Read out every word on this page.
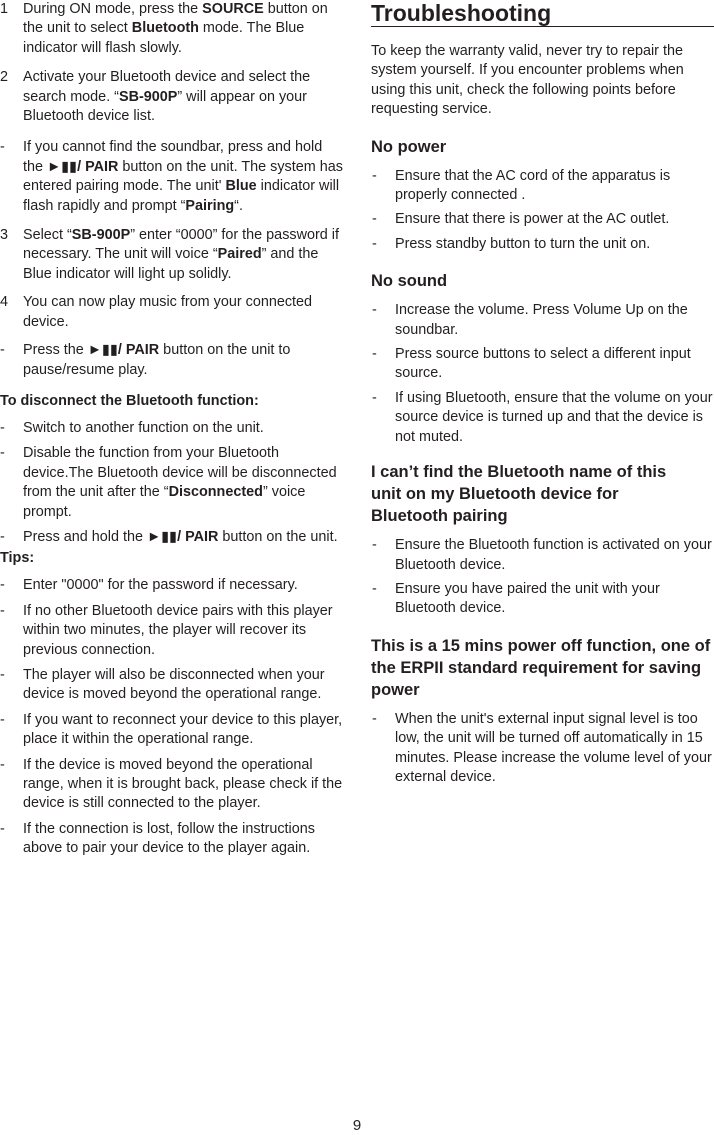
1 During ON mode, press the SOURCE button on the unit to select Bluetooth mode. The Blue indicator will flash slowly.
2 Activate your Bluetooth device and select the search mode. “SB-900P” will appear on your Bluetooth device list.
- If you cannot find the soundbar, press and hold the ►▮▮/ PAIR button on the unit. The system has entered pairing mode. The unit' Blue indicator will flash rapidly and prompt “Pairing“.
3 Select “SB-900P” enter “0000” for the password if necessary. The unit will voice “Paired” and the Blue indicator will light up solidly.
4 You can now play music from your connected device.
- Press the ►▮▮/ PAIR button on the unit to pause/resume play.
To disconnect the Bluetooth function:
- Switch to another function on the unit.
- Disable the function from your Bluetooth device.The Bluetooth device will be disconnected from the unit after the “Disconnected” voice prompt.
- Press and hold the ►▮▮/ PAIR button on the unit.
Tips:
- Enter "0000" for the password if necessary.
- If no other Bluetooth device pairs with this player within two minutes, the player will recover its previous connection.
- The player will also be disconnected when your device is moved beyond the operational range.
- If you want to reconnect your device to this player, place it within the operational range.
- If the device is moved beyond the operational range, when it is brought back, please check if the device is still connected to the player.
- If the connection is lost, follow the instructions above to pair your device to the player again.
Troubleshooting
To keep the warranty valid, never try to repair the system yourself. If you encounter problems when using this unit, check the following points before requesting service.
No power
- Ensure that the AC cord of the apparatus is properly connected .
- Ensure that there is power at the AC outlet.
- Press standby button to turn the unit on.
No sound
- Increase the volume. Press Volume Up on the soundbar.
- Press source buttons to select a different input source.
- If using Bluetooth, ensure that the volume on your source device is turned up and that the device is not muted.
I can’t find the Bluetooth name of this unit on my Bluetooth device for Bluetooth pairing
- Ensure the Bluetooth function is activated on your Bluetooth device.
- Ensure you have paired the unit with your Bluetooth device.
This is a 15 mins power off function, one of the ERPII standard requirement for saving power
- When the unit's external input signal level is too low, the unit will be turned off automatically in 15 minutes. Please increase the volume level of your external device.
9
